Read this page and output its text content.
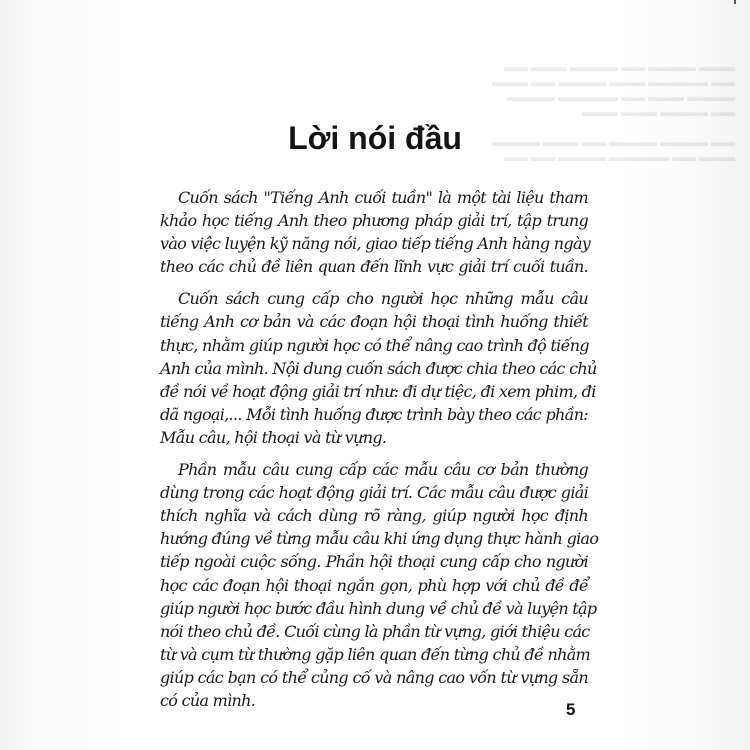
▬▬▬ ▬▬▬▬ ▬▬ ▬▬▬▬ ▬▬▬ ▬▬
▬▬ ▬▬▬▬▬ ▬▬▬ ▬▬▬▬ ▬▬ ▬▬▬
▬▬▬▬ ▬▬▬ ▬▬ ▬▬▬▬▬ ▬▬▬▬
▬▬ ▬▬▬▬ ▬▬▬ ▬▬▬
▬▬ ▬▬▬▬ ▬▬▬▬ ▬▬ ▬▬▬ ▬▬▬▬
▬▬▬ ▬▬ ▬▬▬▬▬ ▬▬▬▬ ▬▬ ▬▬
Lời nói đầu

Cuốn sách "Tiếng Anh cuối tuần" là một tài liệu tham
khảo học tiếng Anh theo phương pháp giải trí, tập trung
vào việc luyện kỹ năng nói, giao tiếp tiếng Anh hàng ngày
theo các chủ đề liên quan đến lĩnh vực giải trí cuối tuần.

Cuốn sách cung cấp cho người học những mẫu câu
tiếng Anh cơ bản và các đoạn hội thoại tình huống thiết
thực, nhằm giúp người học có thể nâng cao trình độ tiếng
Anh của mình. Nội dung cuốn sách được chia theo các chủ
đề nói về hoạt động giải trí như: đi dự tiệc, đi xem phim, đi
dã ngoại,... Mỗi tình huống được trình bày theo các phần:
Mẫu câu, hội thoại và từ vựng.

Phần mẫu câu cung cấp các mẫu câu cơ bản thường
dùng trong các hoạt động giải trí. Các mẫu câu được giải
thích nghĩa và cách dùng rõ ràng, giúp người học định
hướng đúng về từng mẫu câu khi ứng dụng thực hành giao
tiếp ngoài cuộc sống. Phần hội thoại cung cấp cho người
học các đoạn hội thoại ngắn gọn, phù hợp với chủ đề để
giúp người học bước đầu hình dung về chủ đề và luyện tập
nói theo chủ đề. Cuối cùng là phần từ vựng, giới thiệu các
từ và cụm từ thường gặp liên quan đến từng chủ đề nhằm
giúp các bạn có thể củng cố và nâng cao vốn từ vựng sẵn
có của mình.	5
